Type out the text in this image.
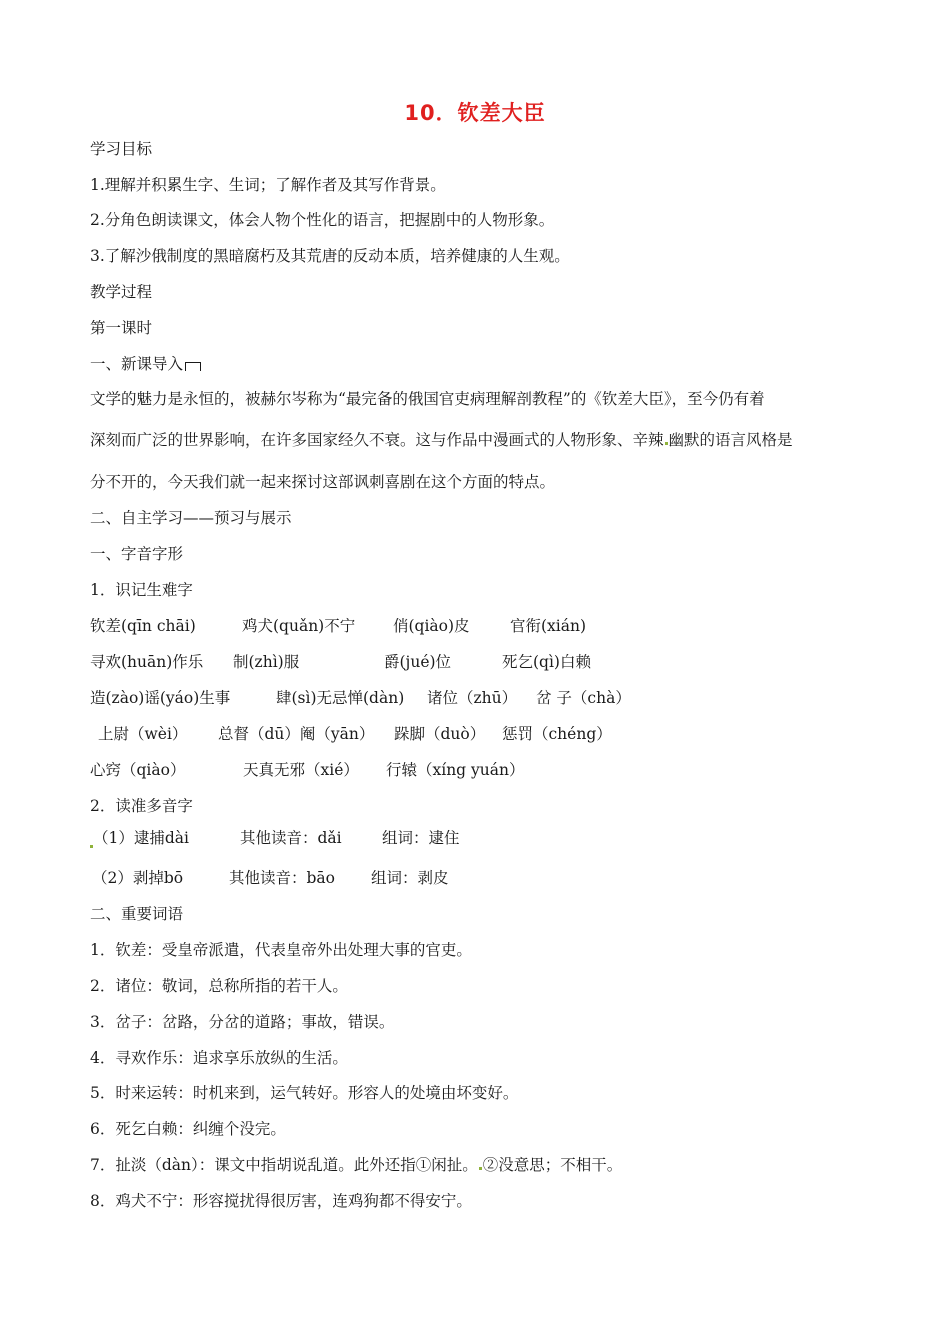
10．钦差大臣
学习目标
1.理解并积累生字、生词；了解作者及其写作背景。
2.分角色朗读课文，体会人物个性化的语言，把握剧中的人物形象。
3.了解沙俄制度的黑暗腐朽及其荒唐的反动本质，培养健康的人生观。
教学过程
第一课时
一、新课导入
文学的魅力是永恒的，被赫尔岑称为“最完备的俄国官吏病理解剖教程”的《钦差大臣》，至今仍有着
深刻而广泛的世界影响，在许多国家经久不衰。这与作品中漫画式的人物形象、辛辣 幽默的语言风格是
分不开的，今天我们就一起来探讨这部讽刺喜剧在这个方面的特点。
二、自主学习——预习与展示
一、字音字形
1．识记生难字
钦差(qīn chāi)	鸡犬(quǎn)不宁 俏(qiào)皮	官衔(xián)
寻欢(huān)作乐 制(zhì)服	爵(jué)位	死乞(qì)白赖
造(zào)谣(yáo)生事	肆(sì)无忌惮(dàn) 诸位（zhū） 岔 子（chà）
上尉（wèi） 总督（dū）阉（yān） 跺脚（duò） 惩罚（chéng）
心窍（qiào）	天真无邪（xié） 行辕（xíng yuán）
2．读准多音字
（1）逮捕dài	其他读音：dǎi	组词：逮住
（2）剥掉bō	其他读音：bāo 组词：剥皮
二、重要词语
1．钦差：受皇帝派遣，代表皇帝外出处理大事的官吏。
2．诸位：敬词，总称所指的若干人。
3．岔子：岔路，分岔的道路；事故，错误。
4．寻欢作乐：追求享乐放纵的生活。
5．时来运转：时机来到，运气转好。形容人的处境由坏变好。
6．死乞白赖：纠缠个没完。
7．扯淡（dàn）：课文中指胡说乱道。此外还指①闲扯。 ②没意思；不相干。
8．鸡犬不宁：形容搅扰得很厉害，连鸡狗都不得安宁。
